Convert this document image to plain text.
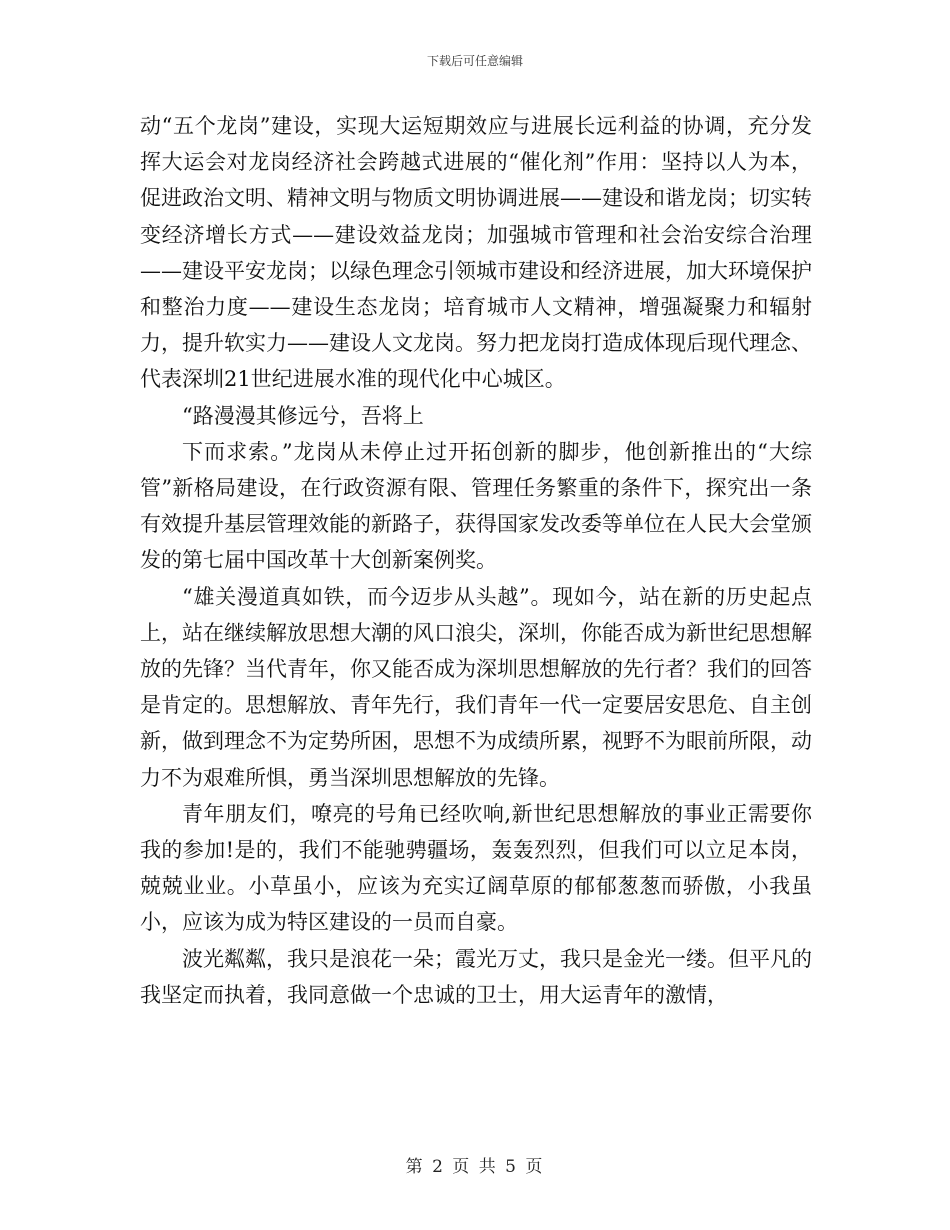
下载后可任意编辑

动“五个龙岗”建设，实现大运短期效应与进展长远利益的协调，充分发挥大运会对龙岗经济社会跨越式进展的“催化剂”作用：坚持以人为本，促进政治文明、精神文明与物质文明协调进展——建设和谐龙岗；切实转变经济增长方式——建设效益龙岗；加强城市管理和社会治安综合治理——建设平安龙岗；以绿色理念引领城市建设和经济进展，加大环境保护和整治力度——建设生态龙岗；培育城市人文精神，增强凝聚力和辐射力，提升软实力——建设人文龙岗。努力把龙岗打造成体现后现代理念、代表深圳21世纪进展水准的现代化中心城区。

“路漫漫其修远兮，吾将上

下而求索。”龙岗从未停止过开拓创新的脚步，他创新推出的“大综管”新格局建设，在行政资源有限、管理任务繁重的条件下，探究出一条有效提升基层管理效能的新路子，获得国家发改委等单位在人民大会堂颁发的第七届中国改革十大创新案例奖。

“雄关漫道真如铁，而今迈步从头越”。现如今，站在新的历史起点上，站在继续解放思想大潮的风口浪尖，深圳，你能否成为新世纪思想解放的先锋？当代青年，你又能否成为深圳思想解放的先行者？我们的回答是肯定的。思想解放、青年先行，我们青年一代一定要居安思危、自主创新，做到理念不为定势所困，思想不为成绩所累，视野不为眼前所限，动力不为艰难所惧，勇当深圳思想解放的先锋。

青年朋友们，嘹亮的号角已经吹响,新世纪思想解放的事业正需要你我的参加!是的，我们不能驰骋疆场，轰轰烈烈，但我们可以立足本岗，兢兢业业。小草虽小，应该为充实辽阔草原的郁郁葱葱而骄傲，小我虽小，应该为成为特区建设的一员而自豪。

波光粼粼，我只是浪花一朵；霞光万丈，我只是金光一缕。但平凡的我坚定而执着，我同意做一个忠诚的卫士，用大运青年的激情，

第 2 页 共 5 页
